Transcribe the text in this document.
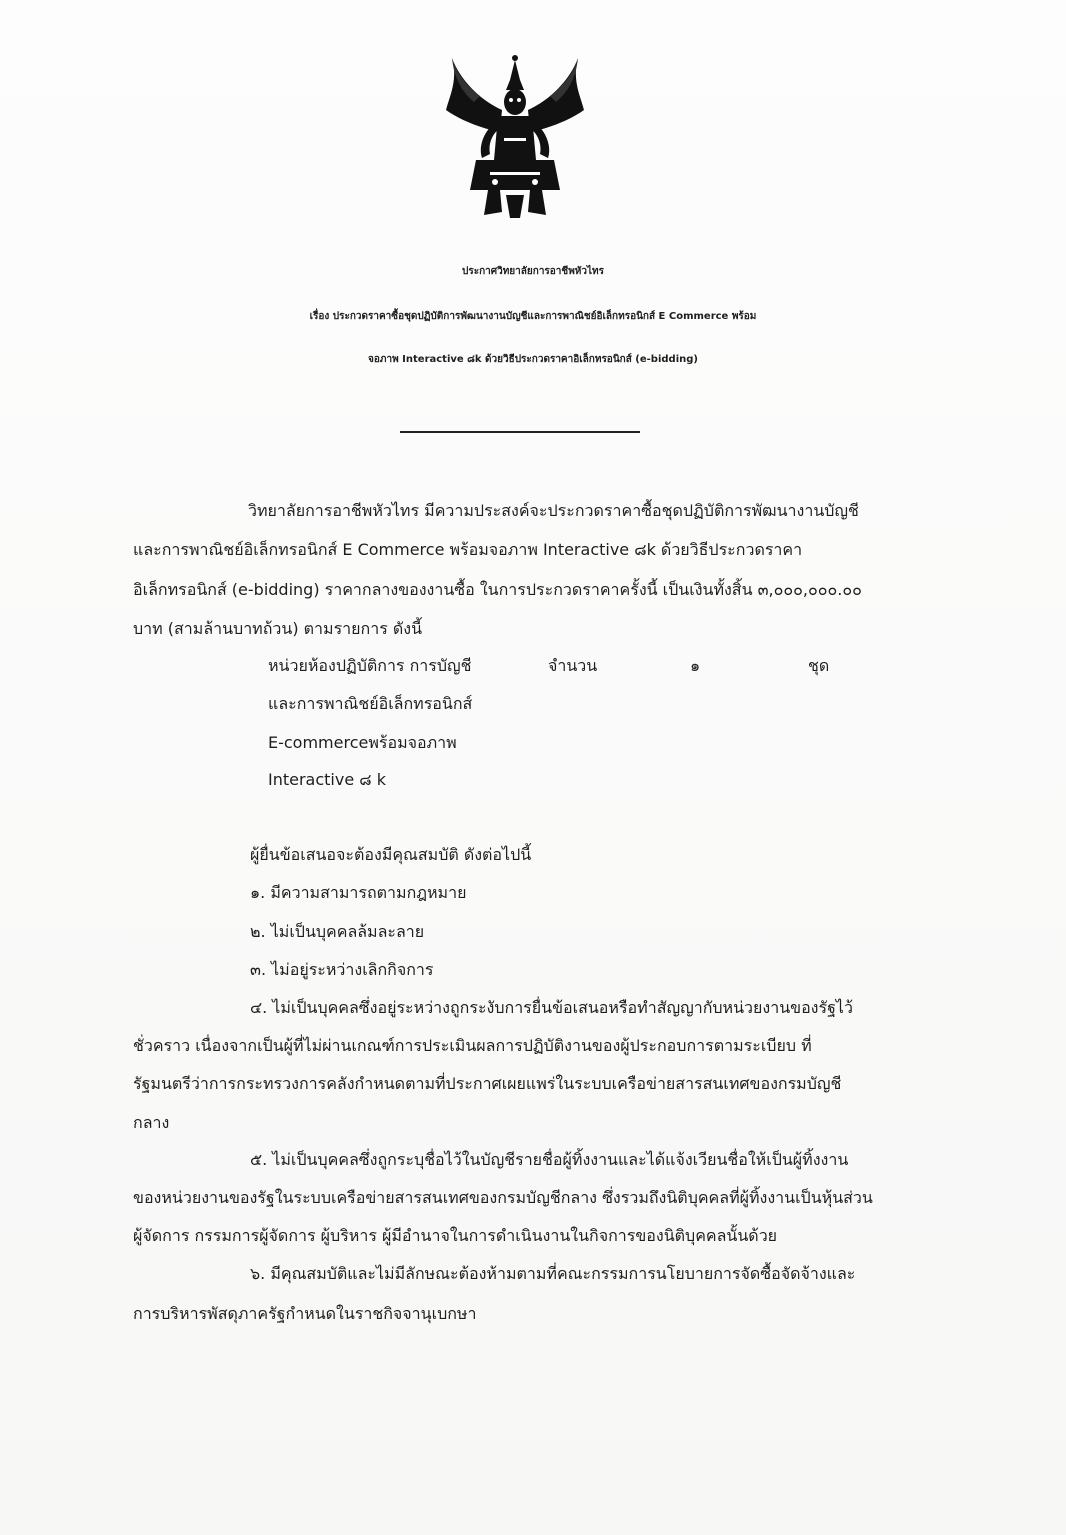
ประกาศวิทยาลัยการอาชีพหัวไทร
เรื่อง ประกวดราคาซื้อชุดปฏิบัติการพัฒนางานบัญชีและการพาณิชย์อิเล็กทรอนิกส์ E Commerce พร้อม
จอภาพ Interactive ๘k ด้วยวิธีประกวดราคาอิเล็กทรอนิกส์ (e-bidding)
วิทยาลัยการอาชีพหัวไทร มีความประสงค์จะประกวดราคาซื้อชุดปฏิบัติการพัฒนางานบัญชี
และการพาณิชย์อิเล็กทรอนิกส์ E Commerce พร้อมจอภาพ Interactive ๘k ด้วยวิธีประกวดราคา
อิเล็กทรอนิกส์ (e-bidding) ราคากลางของงานซื้อ ในการประกวดราคาครั้งนี้ เป็นเงินทั้งสิ้น ๓,๐๐๐,๐๐๐.๐๐
บาท (สามล้านบาทถ้วน) ตามรายการ ดังนี้
หน่วยห้องปฏิบัติการ การบัญชี	จำนวน	๑	ชุด
และการพาณิชย์อิเล็กทรอนิกส์
E-commerceพร้อมจอภาพ
Interactive ๘ k
ผู้ยื่นข้อเสนอจะต้องมีคุณสมบัติ ดังต่อไปนี้
๑. มีความสามารถตามกฎหมาย
๒. ไม่เป็นบุคคลล้มละลาย
๓. ไม่อยู่ระหว่างเลิกกิจการ
๔. ไม่เป็นบุคคลซึ่งอยู่ระหว่างถูกระงับการยื่นข้อเสนอหรือทำสัญญากับหน่วยงานของรัฐไว้
ชั่วคราว เนื่องจากเป็นผู้ที่ไม่ผ่านเกณฑ์การประเมินผลการปฏิบัติงานของผู้ประกอบการตามระเบียบ ที่
รัฐมนตรีว่าการกระทรวงการคลังกำหนดตามที่ประกาศเผยแพร่ในระบบเครือข่ายสารสนเทศของกรมบัญชี
กลาง
๕. ไม่เป็นบุคคลซึ่งถูกระบุชื่อไว้ในบัญชีรายชื่อผู้ทิ้งงานและได้แจ้งเวียนชื่อให้เป็นผู้ทิ้งงาน
ของหน่วยงานของรัฐในระบบเครือข่ายสารสนเทศของกรมบัญชีกลาง ซึ่งรวมถึงนิติบุคคลที่ผู้ทิ้งงานเป็นหุ้นส่วน
ผู้จัดการ กรรมการผู้จัดการ ผู้บริหาร ผู้มีอำนาจในการดำเนินงานในกิจการของนิติบุคคลนั้นด้วย
๖. มีคุณสมบัติและไม่มีลักษณะต้องห้ามตามที่คณะกรรมการนโยบายการจัดซื้อจัดจ้างและ
การบริหารพัสดุภาครัฐกำหนดในราชกิจจานุเบกษา
